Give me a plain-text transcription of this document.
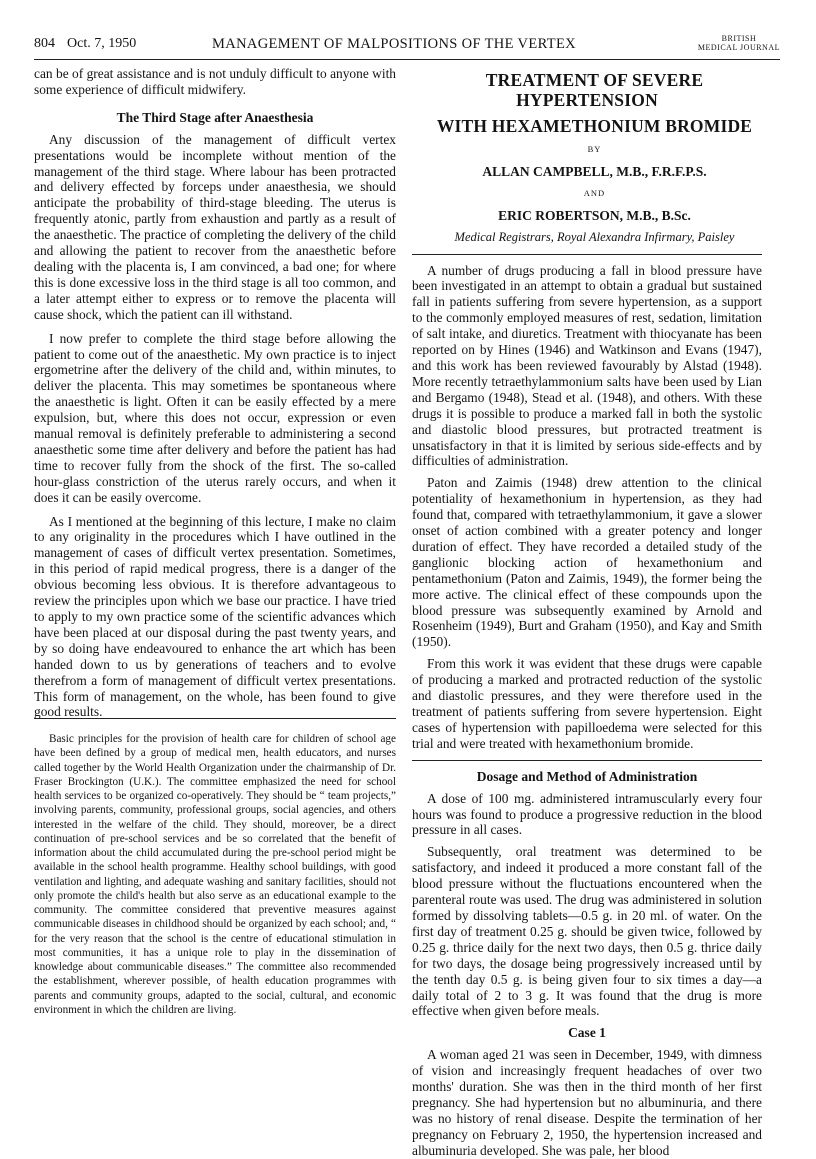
804 Oct. 7, 1950	MANAGEMENT OF MALPOSITIONS OF THE VERTEX	BRITISH
MEDICAL JOURNAL

can be of great assistance and is not unduly difficult to anyone with some experience of difficult midwifery.

The Third Stage after Anaesthesia

Any discussion of the management of difficult vertex presentations would be incomplete without mention of the management of the third stage. Where labour has been protracted and delivery effected by forceps under anaesthesia, we should anticipate the probability of third-stage bleeding. The uterus is frequently atonic, partly from exhaustion and partly as a result of the anaesthetic. The practice of completing the delivery of the child and allowing the patient to recover from the anaesthetic before dealing with the placenta is, I am convinced, a bad one; for where this is done excessive loss in the third stage is all too common, and a later attempt either to express or to remove the placenta will cause shock, which the patient can ill withstand.

I now prefer to complete the third stage before allowing the patient to come out of the anaesthetic. My own practice is to inject ergometrine after the delivery of the child and, within minutes, to deliver the placenta. This may sometimes be spontaneous where the anaesthetic is light. Often it can be easily effected by a mere expulsion, but, where this does not occur, expression or even manual removal is definitely preferable to administering a second anaesthetic some time after delivery and before the patient has had time to recover fully from the shock of the first. The so-called hour-glass constriction of the uterus rarely occurs, and when it does it can be easily overcome.

As I mentioned at the beginning of this lecture, I make no claim to any originality in the procedures which I have outlined in the management of cases of difficult vertex presentation. Sometimes, in this period of rapid medical progress, there is a danger of the obvious becoming less obvious. It is therefore advantageous to review the principles upon which we base our practice. I have tried to apply to my own practice some of the scientific advances which have been placed at our disposal during the past twenty years, and by so doing have endeavoured to enhance the art which has been handed down to us by generations of teachers and to evolve therefrom a form of management of difficult vertex presentations. This form of management, on the whole, has been found to give good results.

Basic principles for the provision of health care for children of school age have been defined by a group of medical men, health educators, and nurses called together by the World Health Organization under the chairmanship of Dr. Fraser Brockington (U.K.). The committee emphasized the need for school health services to be organized co-operatively. They should be “ team projects,” involving parents, community, professional groups, social agencies, and others interested in the welfare of the child. They should, moreover, be a direct continuation of pre-school services and be so correlated that the benefit of information about the child accumulated during the pre-school period might be available in the school health programme. Healthy school buildings, with good ventilation and lighting, and adequate washing and sanitary facilities, should not only promote the child's health but also serve as an educational example to the community. The committee considered that preventive measures against communicable diseases in childhood should be organized by each school; and, “ for the very reason that the school is the centre of educational stimulation in most communities, it has a unique role to play in the dissemination of knowledge about communicable diseases.” The committee also recommended the establishment, wherever possible, of health education programmes with parents and community groups, adapted to the social, cultural, and economic environment in which the children are living.

TREATMENT OF SEVERE HYPERTENSION

WITH HEXAMETHONIUM BROMIDE

BY

ALLAN CAMPBELL, M.B., F.R.F.P.S.

AND

ERIC ROBERTSON, M.B., B.Sc.

Medical Registrars, Royal Alexandra Infirmary, Paisley

A number of drugs producing a fall in blood pressure have been investigated in an attempt to obtain a gradual but sustained fall in patients suffering from severe hypertension, as a support to the commonly employed measures of rest, sedation, limitation of salt intake, and diuretics. Treatment with thiocyanate has been reported on by Hines (1946) and Watkinson and Evans (1947), and this work has been reviewed favourably by Alstad (1948). More recently tetraethylammonium salts have been used by Lian and Bergamo (1948), Stead et al. (1948), and others. With these drugs it is possible to produce a marked fall in both the systolic and diastolic blood pressures, but protracted treatment is unsatisfactory in that it is limited by serious side-effects and by difficulties of administration.

Paton and Zaimis (1948) drew attention to the clinical potentiality of hexamethonium in hypertension, as they had found that, compared with tetraethylammonium, it gave a slower onset of action combined with a greater potency and longer duration of effect. They have recorded a detailed study of the ganglionic blocking action of hexamethonium and pentamethonium (Paton and Zaimis, 1949), the former being the more active. The clinical effect of these compounds upon the blood pressure was subsequently examined by Arnold and Rosenheim (1949), Burt and Graham (1950), and Kay and Smith (1950).

From this work it was evident that these drugs were capable of producing a marked and protracted reduction of the systolic and diastolic pressures, and they were therefore used in the treatment of patients suffering from severe hypertension. Eight cases of hypertension with papilloedema were selected for this trial and were treated with hexamethonium bromide.

Dosage and Method of Administration

A dose of 100 mg. administered intramuscularly every four hours was found to produce a progressive reduction in the blood pressure in all cases.

Subsequently, oral treatment was determined to be satisfactory, and indeed it produced a more constant fall of the blood pressure without the fluctuations encountered when the parenteral route was used. The drug was administered in solution formed by dissolving tablets—0.5 g. in 20 ml. of water. On the first day of treatment 0.25 g. should be given twice, followed by 0.25 g. thrice daily for the next two days, then 0.5 g. thrice daily for two days, the dosage being progressively increased until by the tenth day 0.5 g. is being given four to six times a day—a daily total of 2 to 3 g. It was found that the drug is more effective when given before meals.

Case 1

A woman aged 21 was seen in December, 1949, with dimness of vision and increasingly frequent headaches of over two months' duration. She was then in the third month of her first pregnancy. She had hypertension but no albuminuria, and there was no history of renal disease. Despite the termination of her pregnancy on February 2, 1950, the hypertension increased and albuminuria developed. She was pale, her blood
